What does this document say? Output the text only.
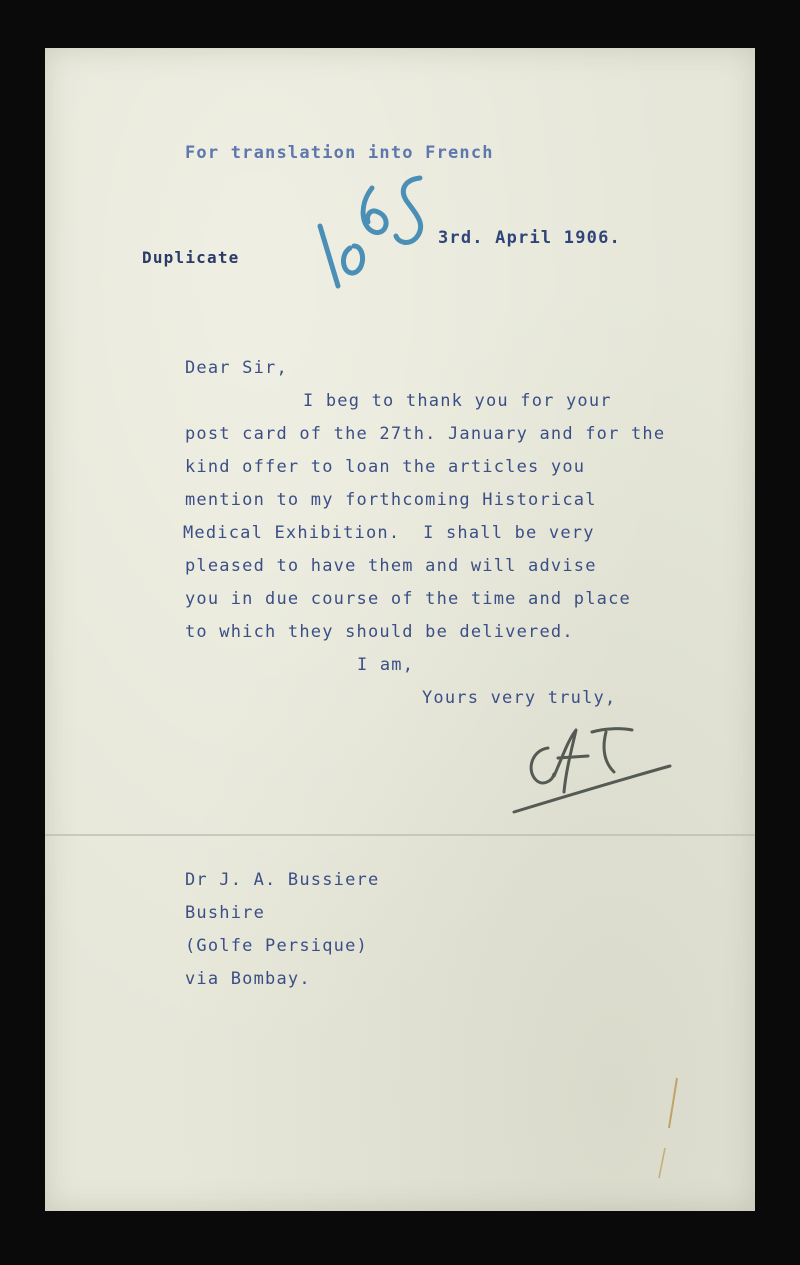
For translation into French

Duplicate

3rd. April 1906.

Dear Sir,

I beg to thank you for your

post card of the 27th. January and for the

kind offer to loan the articles you

mention to my forthcoming Historical

Medical Exhibition.  I shall be very

pleased to have them and will advise

you in due course of the time and place

to which they should be delivered.

I am,

Yours very truly,

Dr J. A. Bussiere

Bushire

(Golfe Persique)

via Bombay.
